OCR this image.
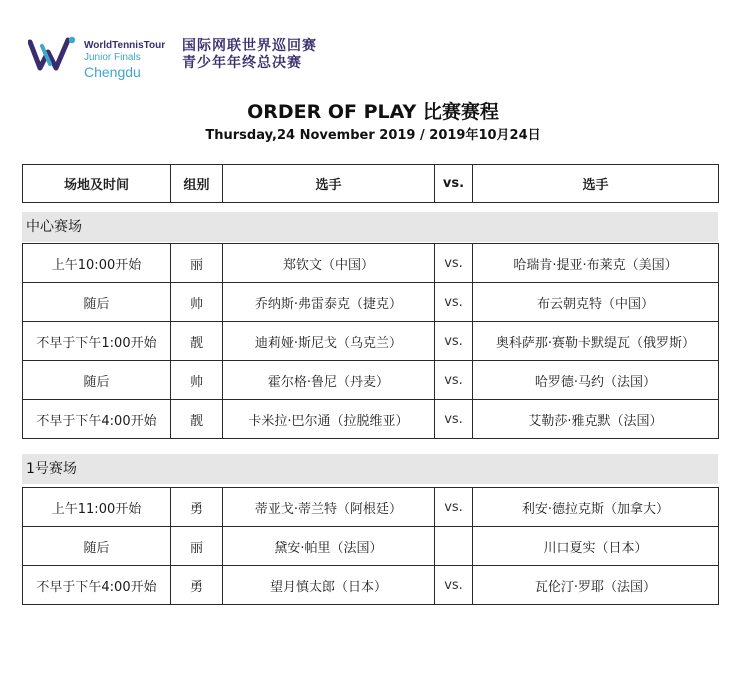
WorldTennisTour
Junior Finals
Chengdu
国际网联世界巡回赛
青少年年终总决赛
ORDER OF PLAY 比赛赛程
Thursday,24 November 2019 / 2019年10月24日
场地及时间	组别	选手	vs.	选手
中心赛场
上午10:00开始	丽	郑钦文（中国）	vs.	哈瑞肯·提亚·布莱克（美国）
随后	帅	乔纳斯·弗雷泰克（捷克）	vs.	布云朝克特（中国）
不早于下午1:00开始	靓	迪莉娅·斯尼戈（乌克兰）	vs.	奥科萨那·赛勒卡默缇瓦（俄罗斯）
随后	帅	霍尔格·鲁尼（丹麦）	vs.	哈罗德·马约（法国）
不早于下午4:00开始	靓	卡米拉·巴尔通（拉脱维亚）	vs.	艾勒莎·雅克默（法国）
1号赛场
上午11:00开始	勇	蒂亚戈·蒂兰特（阿根廷）	vs.	利安·德拉克斯（加拿大）
随后	丽	黛安·帕里（法国）		川口夏实（日本）
不早于下午4:00开始	勇	望月慎太郎（日本）	vs.	瓦伦汀·罗耶（法国）
